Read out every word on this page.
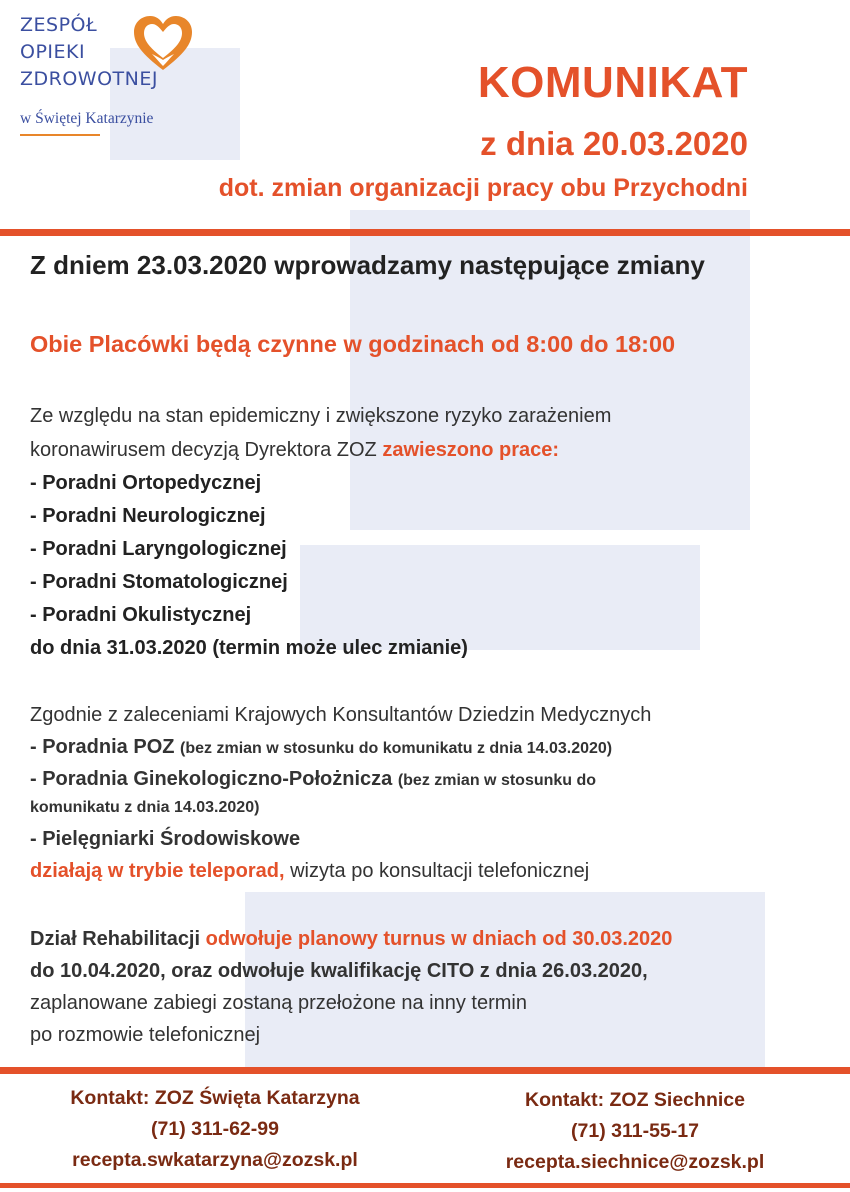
ZESPÓŁ
OPIEKI
ZDROWOTNEJ
w Świętej Katarzynie
KOMUNIKAT
z dnia 20.03.2020
dot. zmian organizacji pracy obu Przychodni
Z dniem 23.03.2020 wprowadzamy następujące zmiany
Obie Placówki będą czynne w godzinach od 8:00 do 18:00
Ze względu na stan epidemiczny i zwiększone ryzyko zarażeniem
koronawirusem decyzją Dyrektora ZOZ zawieszono prace:
- Poradni Ortopedycznej
- Poradni Neurologicznej
- Poradni Laryngologicznej
- Poradni Stomatologicznej
- Poradni Okulistycznej
do dnia 31.03.2020 (termin może ulec zmianie)
Zgodnie z zaleceniami Krajowych Konsultantów Dziedzin Medycznych
- Poradnia POZ (bez zmian w stosunku do komunikatu z dnia 14.03.2020)
- Poradnia Ginekologiczno-Położnicza (bez zmian w stosunku do
komunikatu z dnia 14.03.2020)
- Pielęgniarki Środowiskowe
działają w trybie teleporad, wizyta po konsultacji telefonicznej
Dział Rehabilitacji odwołuje planowy turnus w dniach od 30.03.2020
do 10.04.2020, oraz odwołuje kwalifikację CITO z dnia 26.03.2020,
zaplanowane zabiegi zostaną przełożone na inny termin
po rozmowie telefonicznej
Kontakt: ZOZ Święta Katarzyna
(71) 311-62-99
recepta.swkatarzyna@zozsk.pl
Kontakt: ZOZ Siechnice
(71) 311-55-17
recepta.siechnice@zozsk.pl
